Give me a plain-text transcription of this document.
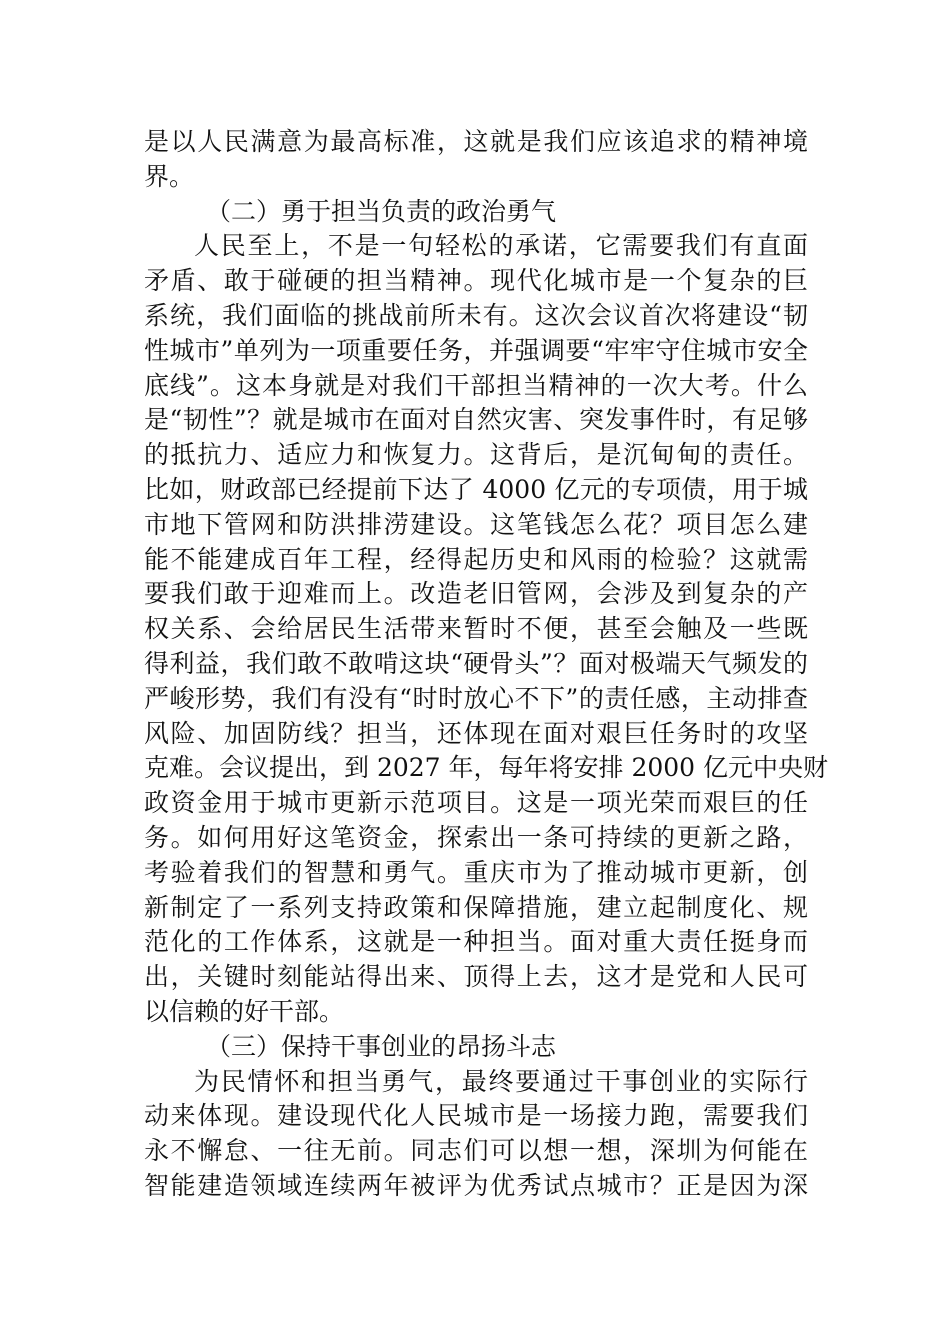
是以人民满意为最高标准，这就是我们应该追求的精神境
界。
（二）勇于担当负责的政治勇气
人民至上，不是一句轻松的承诺，它需要我们有直面
矛盾、敢于碰硬的担当精神。现代化城市是一个复杂的巨
系统，我们面临的挑战前所未有。这次会议首次将建设“韧
性城市”单列为一项重要任务，并强调要“牢牢守住城市安全
底线”。这本身就是对我们干部担当精神的一次大考。什么
是“韧性”？就是城市在面对自然灾害、突发事件时，有足够
的抵抗力、适应力和恢复力。这背后，是沉甸甸的责任。
比如，财政部已经提前下达了 4000 亿元的专项债，用于城
市地下管网和防洪排涝建设。这笔钱怎么花？项目怎么建
能不能建成百年工程，经得起历史和风雨的检验？这就需
要我们敢于迎难而上。改造老旧管网，会涉及到复杂的产
权关系、会给居民生活带来暂时不便，甚至会触及一些既
得利益，我们敢不敢啃这块“硬骨头”？面对极端天气频发的
严峻形势，我们有没有“时时放心不下”的责任感，主动排查
风险、加固防线？担当，还体现在面对艰巨任务时的攻坚
克难。会议提出，到 2027 年，每年将安排 2000 亿元中央财
政资金用于城市更新示范项目。这是一项光荣而艰巨的任
务。如何用好这笔资金，探索出一条可持续的更新之路，
考验着我们的智慧和勇气。重庆市为了推动城市更新，创
新制定了一系列支持政策和保障措施，建立起制度化、规
范化的工作体系，这就是一种担当。面对重大责任挺身而
出，关键时刻能站得出来、顶得上去，这才是党和人民可
以信赖的好干部。
（三）保持干事创业的昂扬斗志
为民情怀和担当勇气，最终要通过干事创业的实际行
动来体现。建设现代化人民城市是一场接力跑，需要我们
永不懈怠、一往无前。同志们可以想一想，深圳为何能在
智能建造领域连续两年被评为优秀试点城市？正是因为深
